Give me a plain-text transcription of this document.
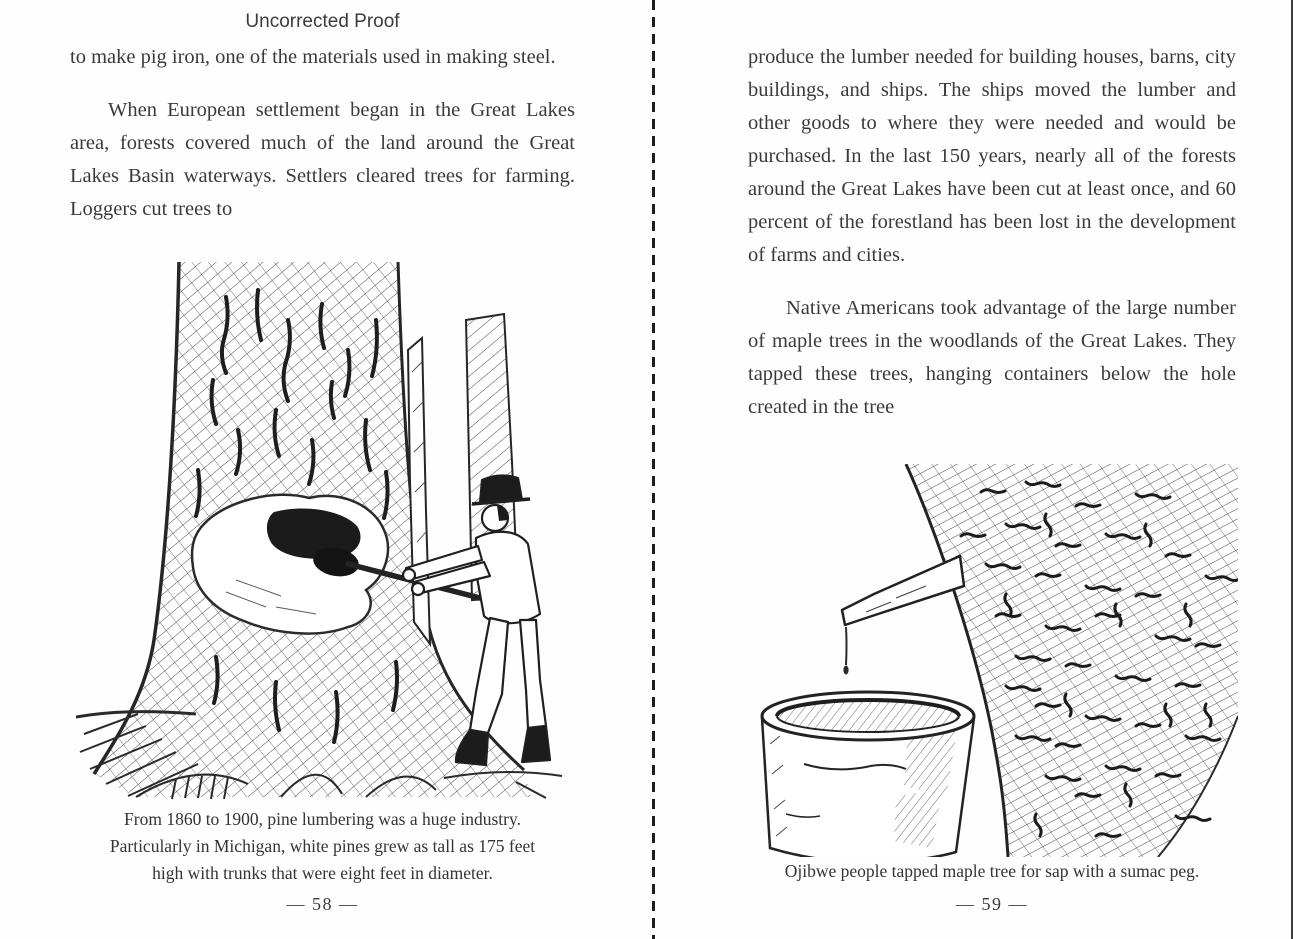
Uncorrected Proof

to make pig iron, one of the materials used in making steel.

When European settlement began in the Great Lakes area, forests covered much of the land around the Great Lakes Basin waterways. Settlers cleared trees for farming. Loggers cut trees to

From 1860 to 1900, pine lumbering was a huge industry.
Particularly in Michigan, white pines grew as tall as 175 feet
high with trunks that were eight feet in diameter.
— 58 —

produce the lumber needed for building houses, barns, city buildings, and ships. The ships moved the lumber and other goods to where they were needed and would be purchased. In the last 150 years, nearly all of the forests around the Great Lakes have been cut at least once, and 60 percent of the forestland has been lost in the development of farms and cities.

Native Americans took advantage of the large number of maple trees in the woodlands of the Great Lakes. They tapped these trees, hanging containers below the hole created in the tree

Ojibwe people tapped maple tree for sap with a sumac peg.
— 59 —
